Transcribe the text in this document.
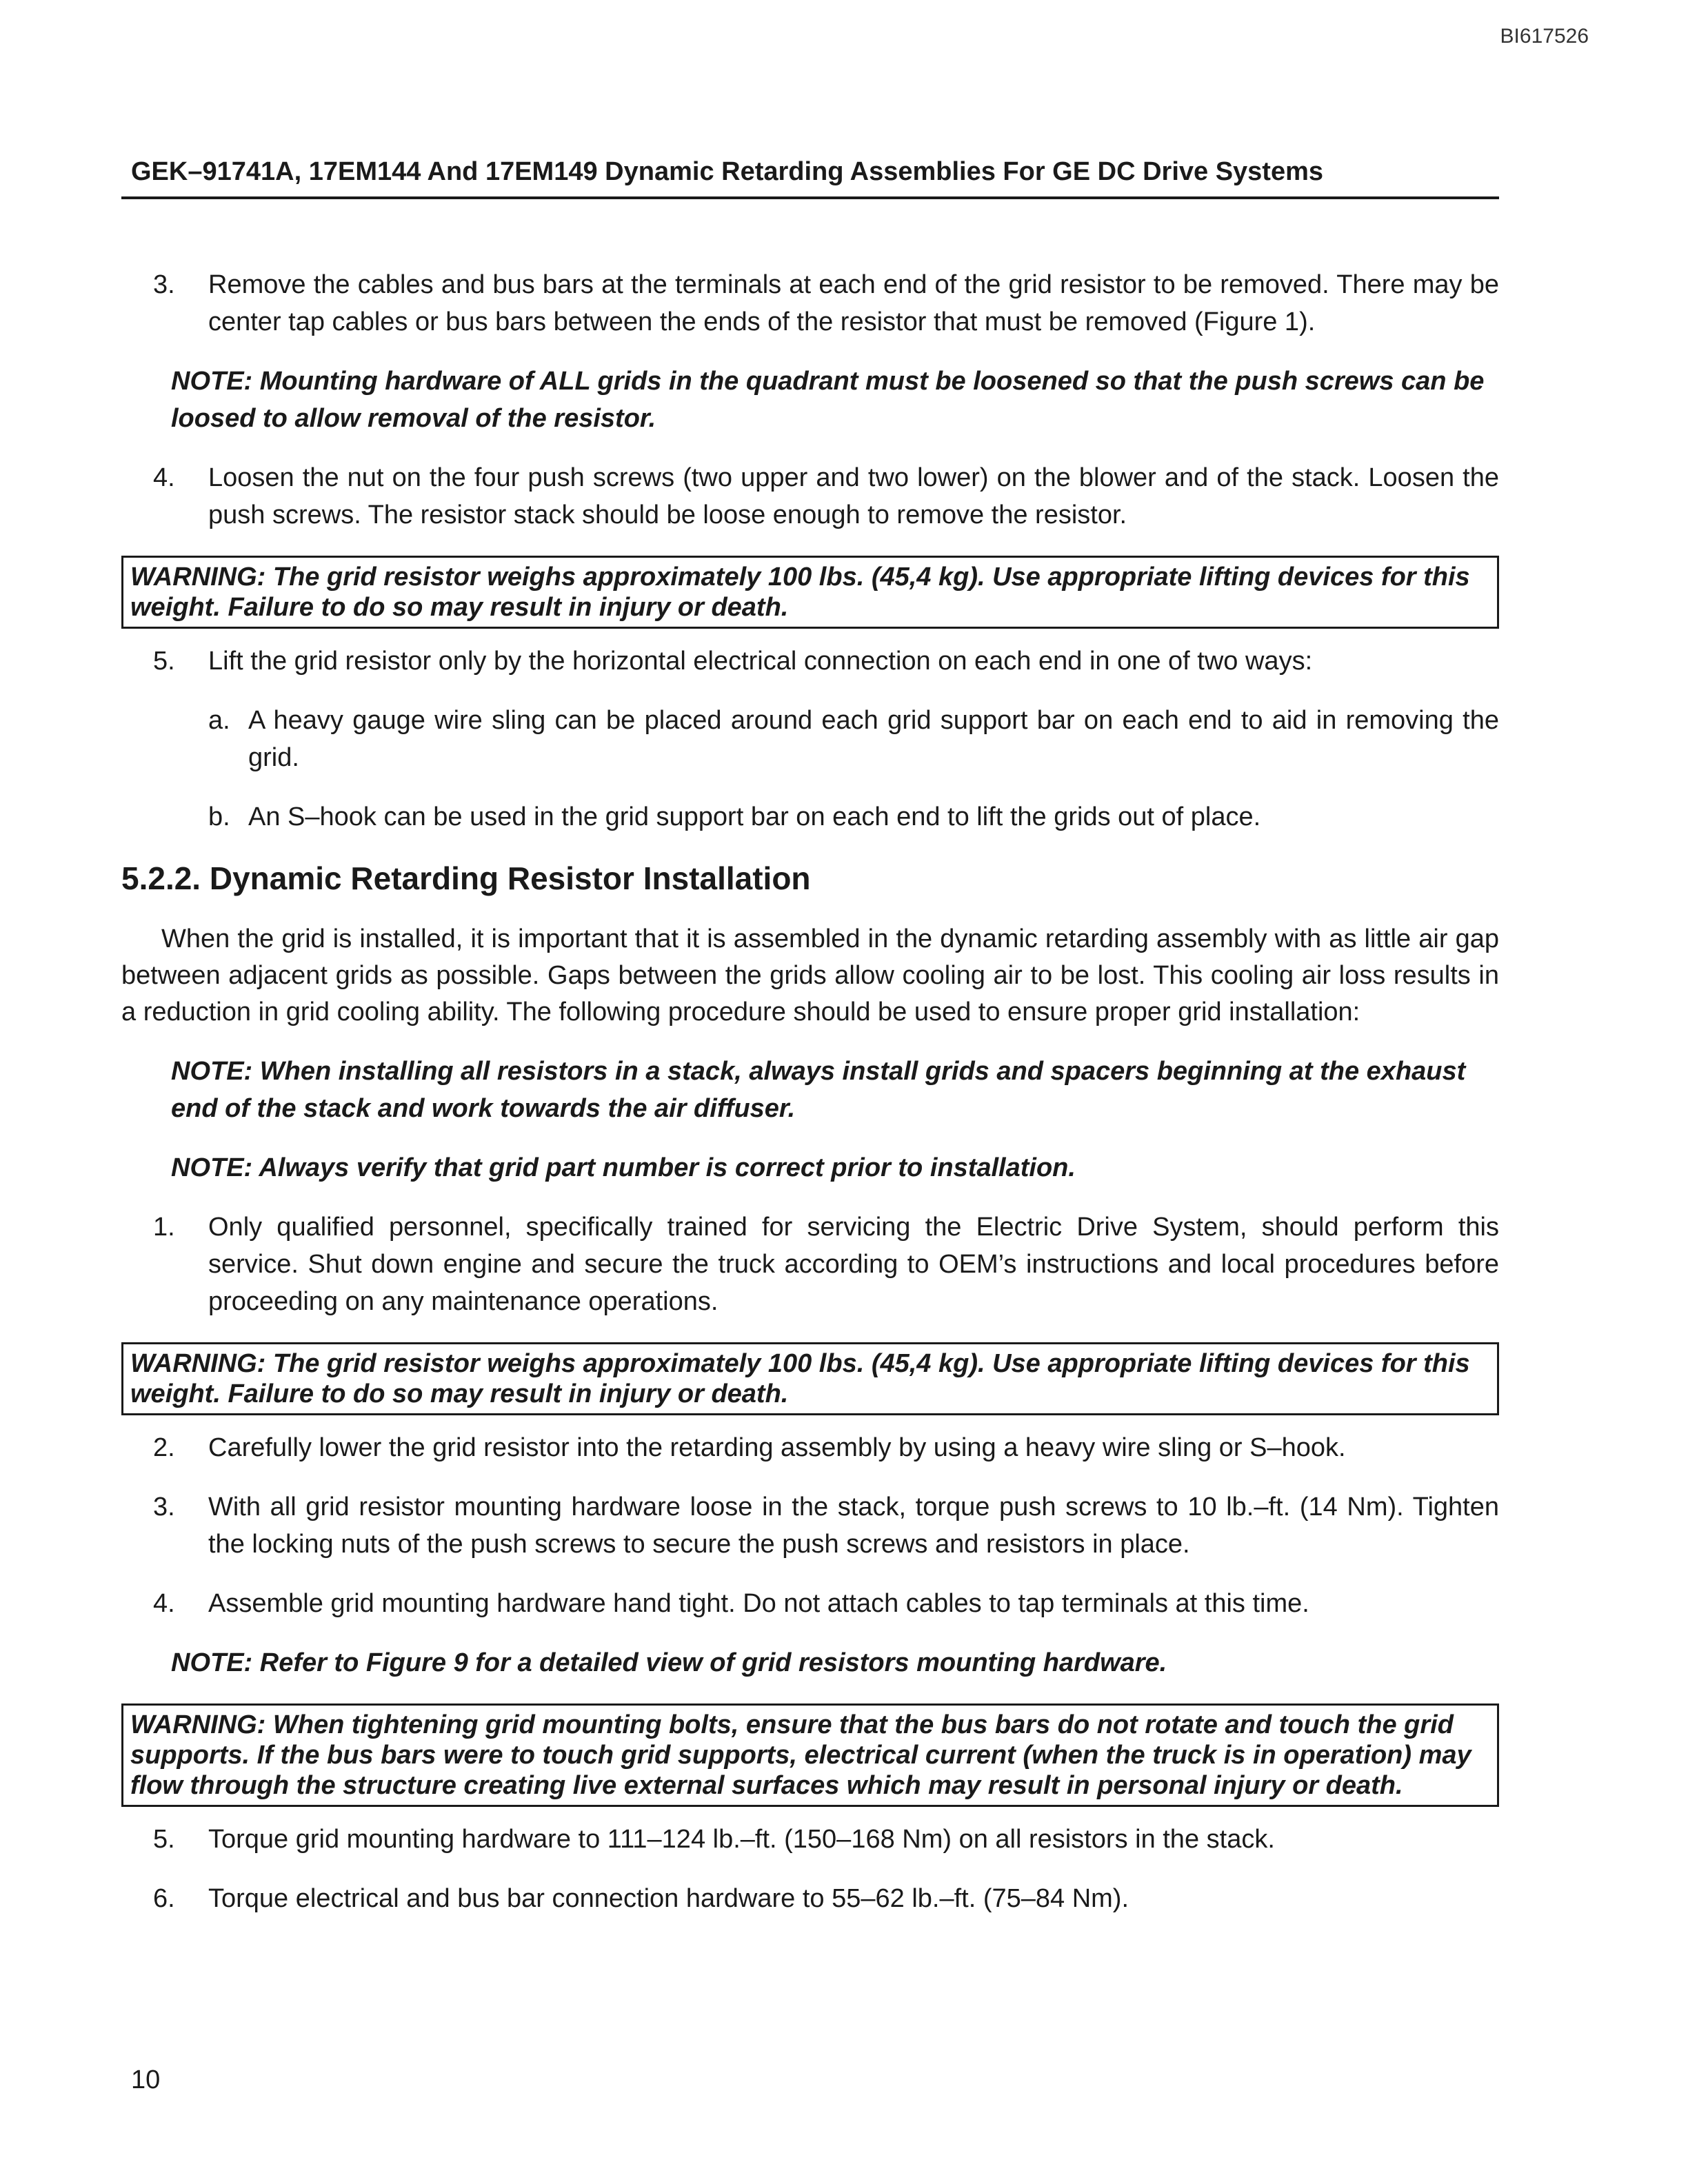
BI617526
GEK–91741A, 17EM144 And 17EM149 Dynamic Retarding Assemblies For GE DC Drive Systems
3. Remove the cables and bus bars at the terminals at each end of the grid resistor to be removed. There may be center tap cables or bus bars between the ends of the resistor that must be removed (Figure 1).
NOTE: Mounting hardware of ALL grids in the quadrant must be loosened so that the push screws can be loosed to allow removal of the resistor.
4. Loosen the nut on the four push screws (two upper and two lower) on the blower and of the stack. Loosen the push screws. The resistor stack should be loose enough to remove the resistor.
WARNING: The grid resistor weighs approximately 100 lbs. (45,4 kg). Use appropriate lifting devices for this weight. Failure to do so may result in injury or death.
5. Lift the grid resistor only by the horizontal electrical connection on each end in one of two ways:
a. A heavy gauge wire sling can be placed around each grid support bar on each end to aid in removing the grid.
b. An S–hook can be used in the grid support bar on each end to lift the grids out of place.
5.2.2. Dynamic Retarding Resistor Installation
When the grid is installed, it is important that it is assembled in the dynamic retarding assembly with as little air gap between adjacent grids as possible. Gaps between the grids allow cooling air to be lost. This cooling air loss results in a reduction in grid cooling ability. The following procedure should be used to ensure proper grid installation:
NOTE: When installing all resistors in a stack, always install grids and spacers beginning at the exhaust end of the stack and work towards the air diffuser.
NOTE: Always verify that grid part number is correct prior to installation.
1. Only qualified personnel, specifically trained for servicing the Electric Drive System, should perform this service. Shut down engine and secure the truck according to OEM’s instructions and local procedures before proceeding on any maintenance operations.
WARNING: The grid resistor weighs approximately 100 lbs. (45,4 kg). Use appropriate lifting devices for this weight. Failure to do so may result in injury or death.
2. Carefully lower the grid resistor into the retarding assembly by using a heavy wire sling or S–hook.
3. With all grid resistor mounting hardware loose in the stack, torque push screws to 10 lb.–ft. (14 Nm). Tighten the locking nuts of the push screws to secure the push screws and resistors in place.
4. Assemble grid mounting hardware hand tight. Do not attach cables to tap terminals at this time.
NOTE: Refer to Figure 9 for a detailed view of grid resistors mounting hardware.
WARNING: When tightening grid mounting bolts, ensure that the bus bars do not rotate and touch the grid supports. If the bus bars were to touch grid supports, electrical current (when the truck is in operation) may flow through the structure creating live external surfaces which may result in personal injury or death.
5. Torque grid mounting hardware to 111–124 lb.–ft. (150–168 Nm) on all resistors in the stack.
6. Torque electrical and bus bar connection hardware to 55–62 lb.–ft. (75–84 Nm).
10
